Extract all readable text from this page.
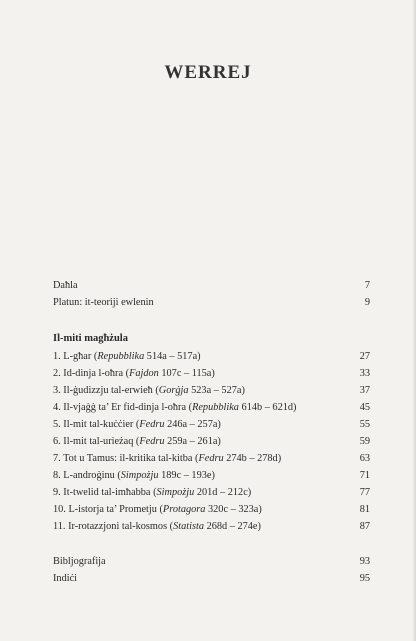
WERREJ
Daħla	7
Platun: it-teoriji ewlenin	9
Il-miti magħżula
1. L-għar (Repubblika 514a – 517a)	27
2. Id-dinja l-oħra (Fajdon 107c – 115a)	33
3. Il-ġudizzju tal-erwieħ (Gorġja 523a – 527a)	37
4. Il-vjaġġ ta’ Er fid-dinja l-oħra (Repubblika 614b – 621d)	45
5. Il-mit tal-kuċċier (Fedru 246a – 257a)	55
6. Il-mit tal-urieżaq (Fedru 259a – 261a)	59
7. Tot u Tamus: il-kritika tal-kitba (Fedru 274b – 278d)	63
8. L-androġinu (Simpożju 189c – 193e)	71
9. It-twelid tal-imħabba (Simpożju 201d – 212c)	77
10. L-istorja ta’ Prometju (Protagora 320c – 323a)	81
11. Ir-rotazzjoni tal-kosmos (Statista 268d – 274e)	87
Bibljografija	93
Indiċi	95
